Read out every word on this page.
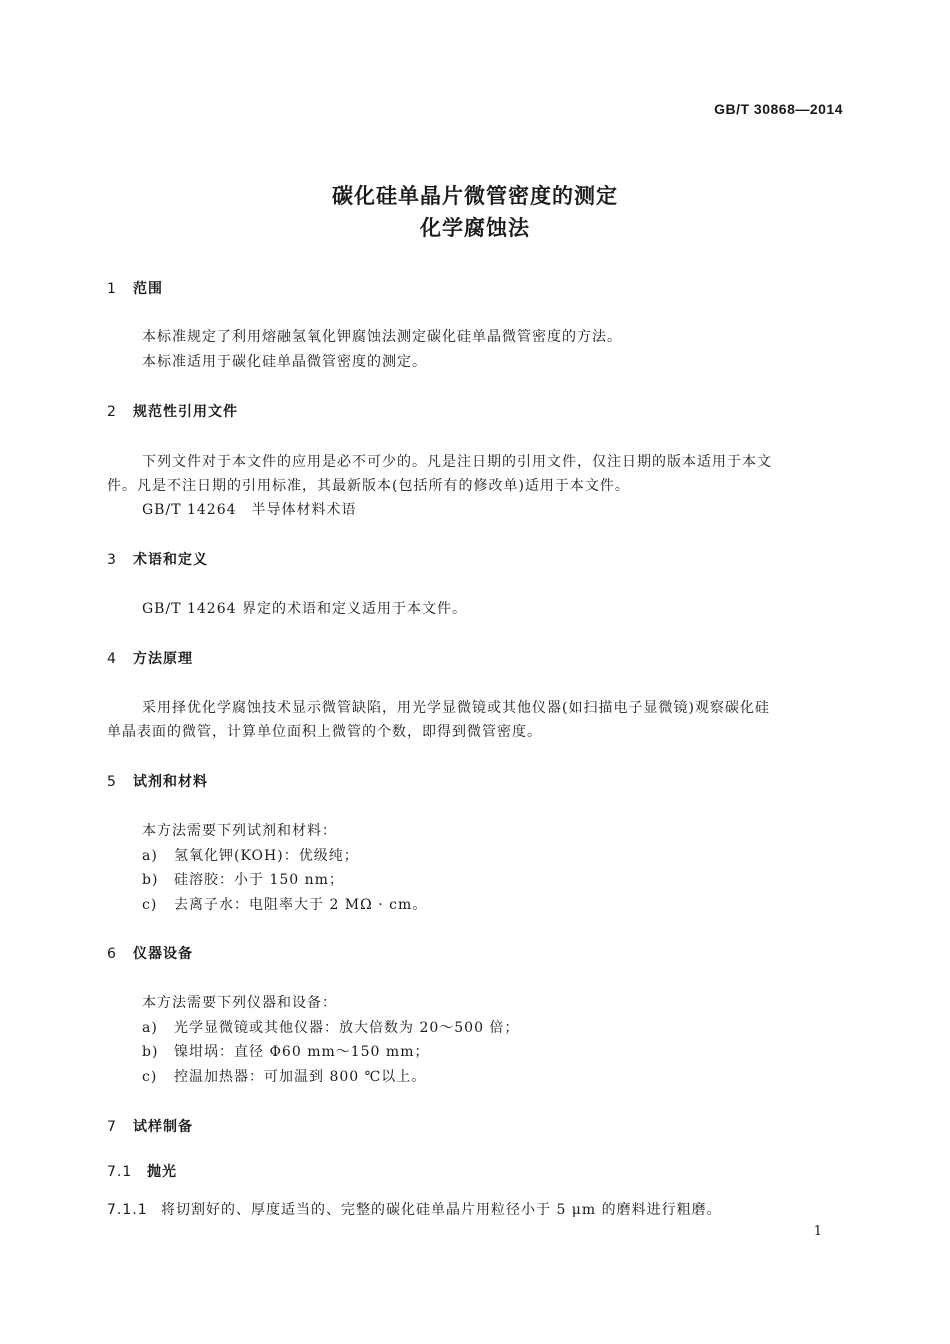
GB/T 30868—2014
碳化硅单晶片微管密度的测定
化学腐蚀法
1 范围
本标准规定了利用熔融氢氧化钾腐蚀法测定碳化硅单晶微管密度的方法。
本标准适用于碳化硅单晶微管密度的测定。
2 规范性引用文件
下列文件对于本文件的应用是必不可少的。凡是注日期的引用文件，仅注日期的版本适用于本文
件。凡是不注日期的引用标准，其最新版本(包括所有的修改单)适用于本文件。
GB/T 14264　半导体材料术语
3 术语和定义
GB/T 14264 界定的术语和定义适用于本文件。
4 方法原理
采用择优化学腐蚀技术显示微管缺陷，用光学显微镜或其他仪器(如扫描电子显微镜)观察碳化硅
单晶表面的微管，计算单位面积上微管的个数，即得到微管密度。
5 试剂和材料
本方法需要下列试剂和材料：
a) 氢氧化钾(KOH)：优级纯；
b) 硅溶胶：小于 150 nm；
c) 去离子水：电阻率大于 2 MΩ · cm。
6 仪器设备
本方法需要下列仪器和设备：
a) 光学显微镜或其他仪器：放大倍数为 20～500 倍；
b) 镍坩埚：直径 Φ60 mm～150 mm；
c) 控温加热器：可加温到 800 ℃以上。
7 试样制备
7.1 抛光
7.1.1 将切割好的、厚度适当的、完整的碳化硅单晶片用粒径小于 5 μm 的磨料进行粗磨。
1
